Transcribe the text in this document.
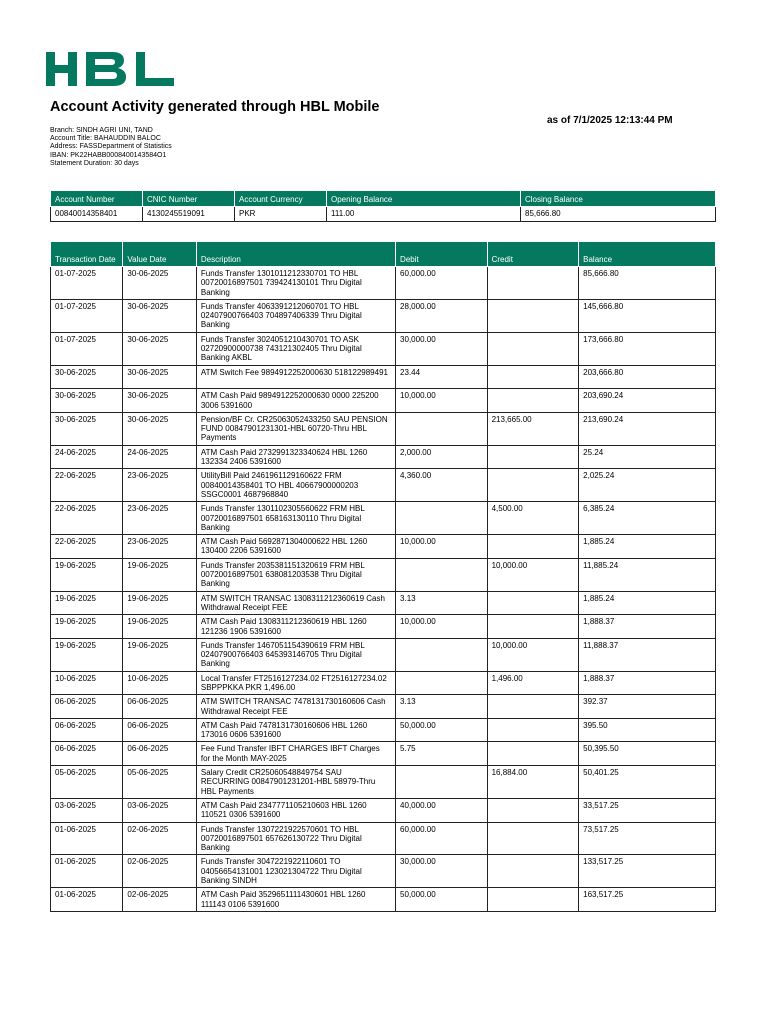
Account Activity generated through HBL Mobile
as of 7/1/2025 12:13:44 PM
Branch: SINDH AGRI UNI, TAND
Account Title: BAHAUDDIN BALOC
Address: FASSDepartment of Statistics
IBAN: PK22HABB0008400143584O1
Statement Duration: 30 days
Account Number	CNIC Number	Account Currency	Opening Balance	Closing Balance
00840014358401	4130245519091	PKR	111.00	85,666.80
Transaction Date	Value Date	Description	Debit	Credit	Balance
01-07-2025	30-06-2025	Funds Transfer 1301011212330701 TO HBL 00720016897501 739424130101 Thru Digital Banking	60,000.00		85,666.80
01-07-2025	30-06-2025	Funds Transfer 4063391212060701 TO HBL 02407900766403 704897406339 Thru Digital Banking	28,000.00		145,666.80
01-07-2025	30-06-2025	Funds Transfer 3024051210430701 TO ASK 02720900000738 743121302405 Thru Digital Banking AKBL	30,000.00		173,666.80
30-06-2025	30-06-2025	ATM Switch Fee 9894912252000630 518122989491	23.44		203,666.80
30-06-2025	30-06-2025	ATM Cash Paid 9894912252000630 0000 225200 3006 5391600	10,000.00		203,690.24
30-06-2025	30-06-2025	Pension/BF Cr. CR25063052433250 SAU PENSION FUND 00847901231301-HBL 60720-Thru HBL Payments		213,665.00	213,690.24
24-06-2025	24-06-2025	ATM Cash Paid 2732991323340624 HBL 1260 132334 2406 5391600	2,000.00		25.24
22-06-2025	23-06-2025	UtilityBill Paid 2461961129160622 FRM 00840014358401 TO HBL 40667900000203 SSGC0001 4687968840	4,360.00		2,025.24
22-06-2025	23-06-2025	Funds Transfer 1301102305560622 FRM HBL 00720016897501 658163130110 Thru Digital Banking		4,500.00	6,385.24
22-06-2025	23-06-2025	ATM Cash Paid 5692871304000622 HBL 1260 130400 2206 5391600	10,000.00		1,885.24
19-06-2025	19-06-2025	Funds Transfer 2035381151320619 FRM HBL 00720016897501 638081203538 Thru Digital Banking		10,000.00	11,885.24
19-06-2025	19-06-2025	ATM SWITCH TRANSAC 1308311212360619 Cash Withdrawal Receipt FEE	3.13		1,885.24
19-06-2025	19-06-2025	ATM Cash Paid 1308311212360619 HBL 1260 121236 1906 5391600	10,000.00		1,888.37
19-06-2025	19-06-2025	Funds Transfer 1467051154390619 FRM HBL 02407900766403 645393146705 Thru Digital Banking		10,000.00	11,888.37
10-06-2025	10-06-2025	Local Transfer FT2516127234.02 FT2516127234.02 SBPPPKKA PKR 1,496.00		1,496.00	1,888.37
06-06-2025	06-06-2025	ATM SWITCH TRANSAC 7478131730160606 Cash Withdrawal Receipt FEE	3.13		392.37
06-06-2025	06-06-2025	ATM Cash Paid 7478131730160606 HBL 1260 173016 0606 5391600	50,000.00		395.50
06-06-2025	06-06-2025	Fee Fund Transfer IBFT CHARGES IBFT Charges for the Month MAY-2025	5.75		50,395.50
05-06-2025	05-06-2025	Salary Credit CR25060548849754 SAU RECURRING 00847901231201-HBL 58979-Thru HBL Payments		16,884.00	50,401.25
03-06-2025	03-06-2025	ATM Cash Paid 2347771105210603 HBL 1260 110521 0306 5391600	40,000.00		33,517.25
01-06-2025	02-06-2025	Funds Transfer 1307221922570601 TO HBL 00720016897501 657626130722 Thru Digital Banking	60,000.00		73,517.25
01-06-2025	02-06-2025	Funds Transfer 3047221922110601 TO 04056654131001 123021304722 Thru Digital Banking SINDH	30,000.00		133,517.25
01-06-2025	02-06-2025	ATM Cash Paid 3529651111430601 HBL 1260 111143 0106 5391600	50,000.00		163,517.25
